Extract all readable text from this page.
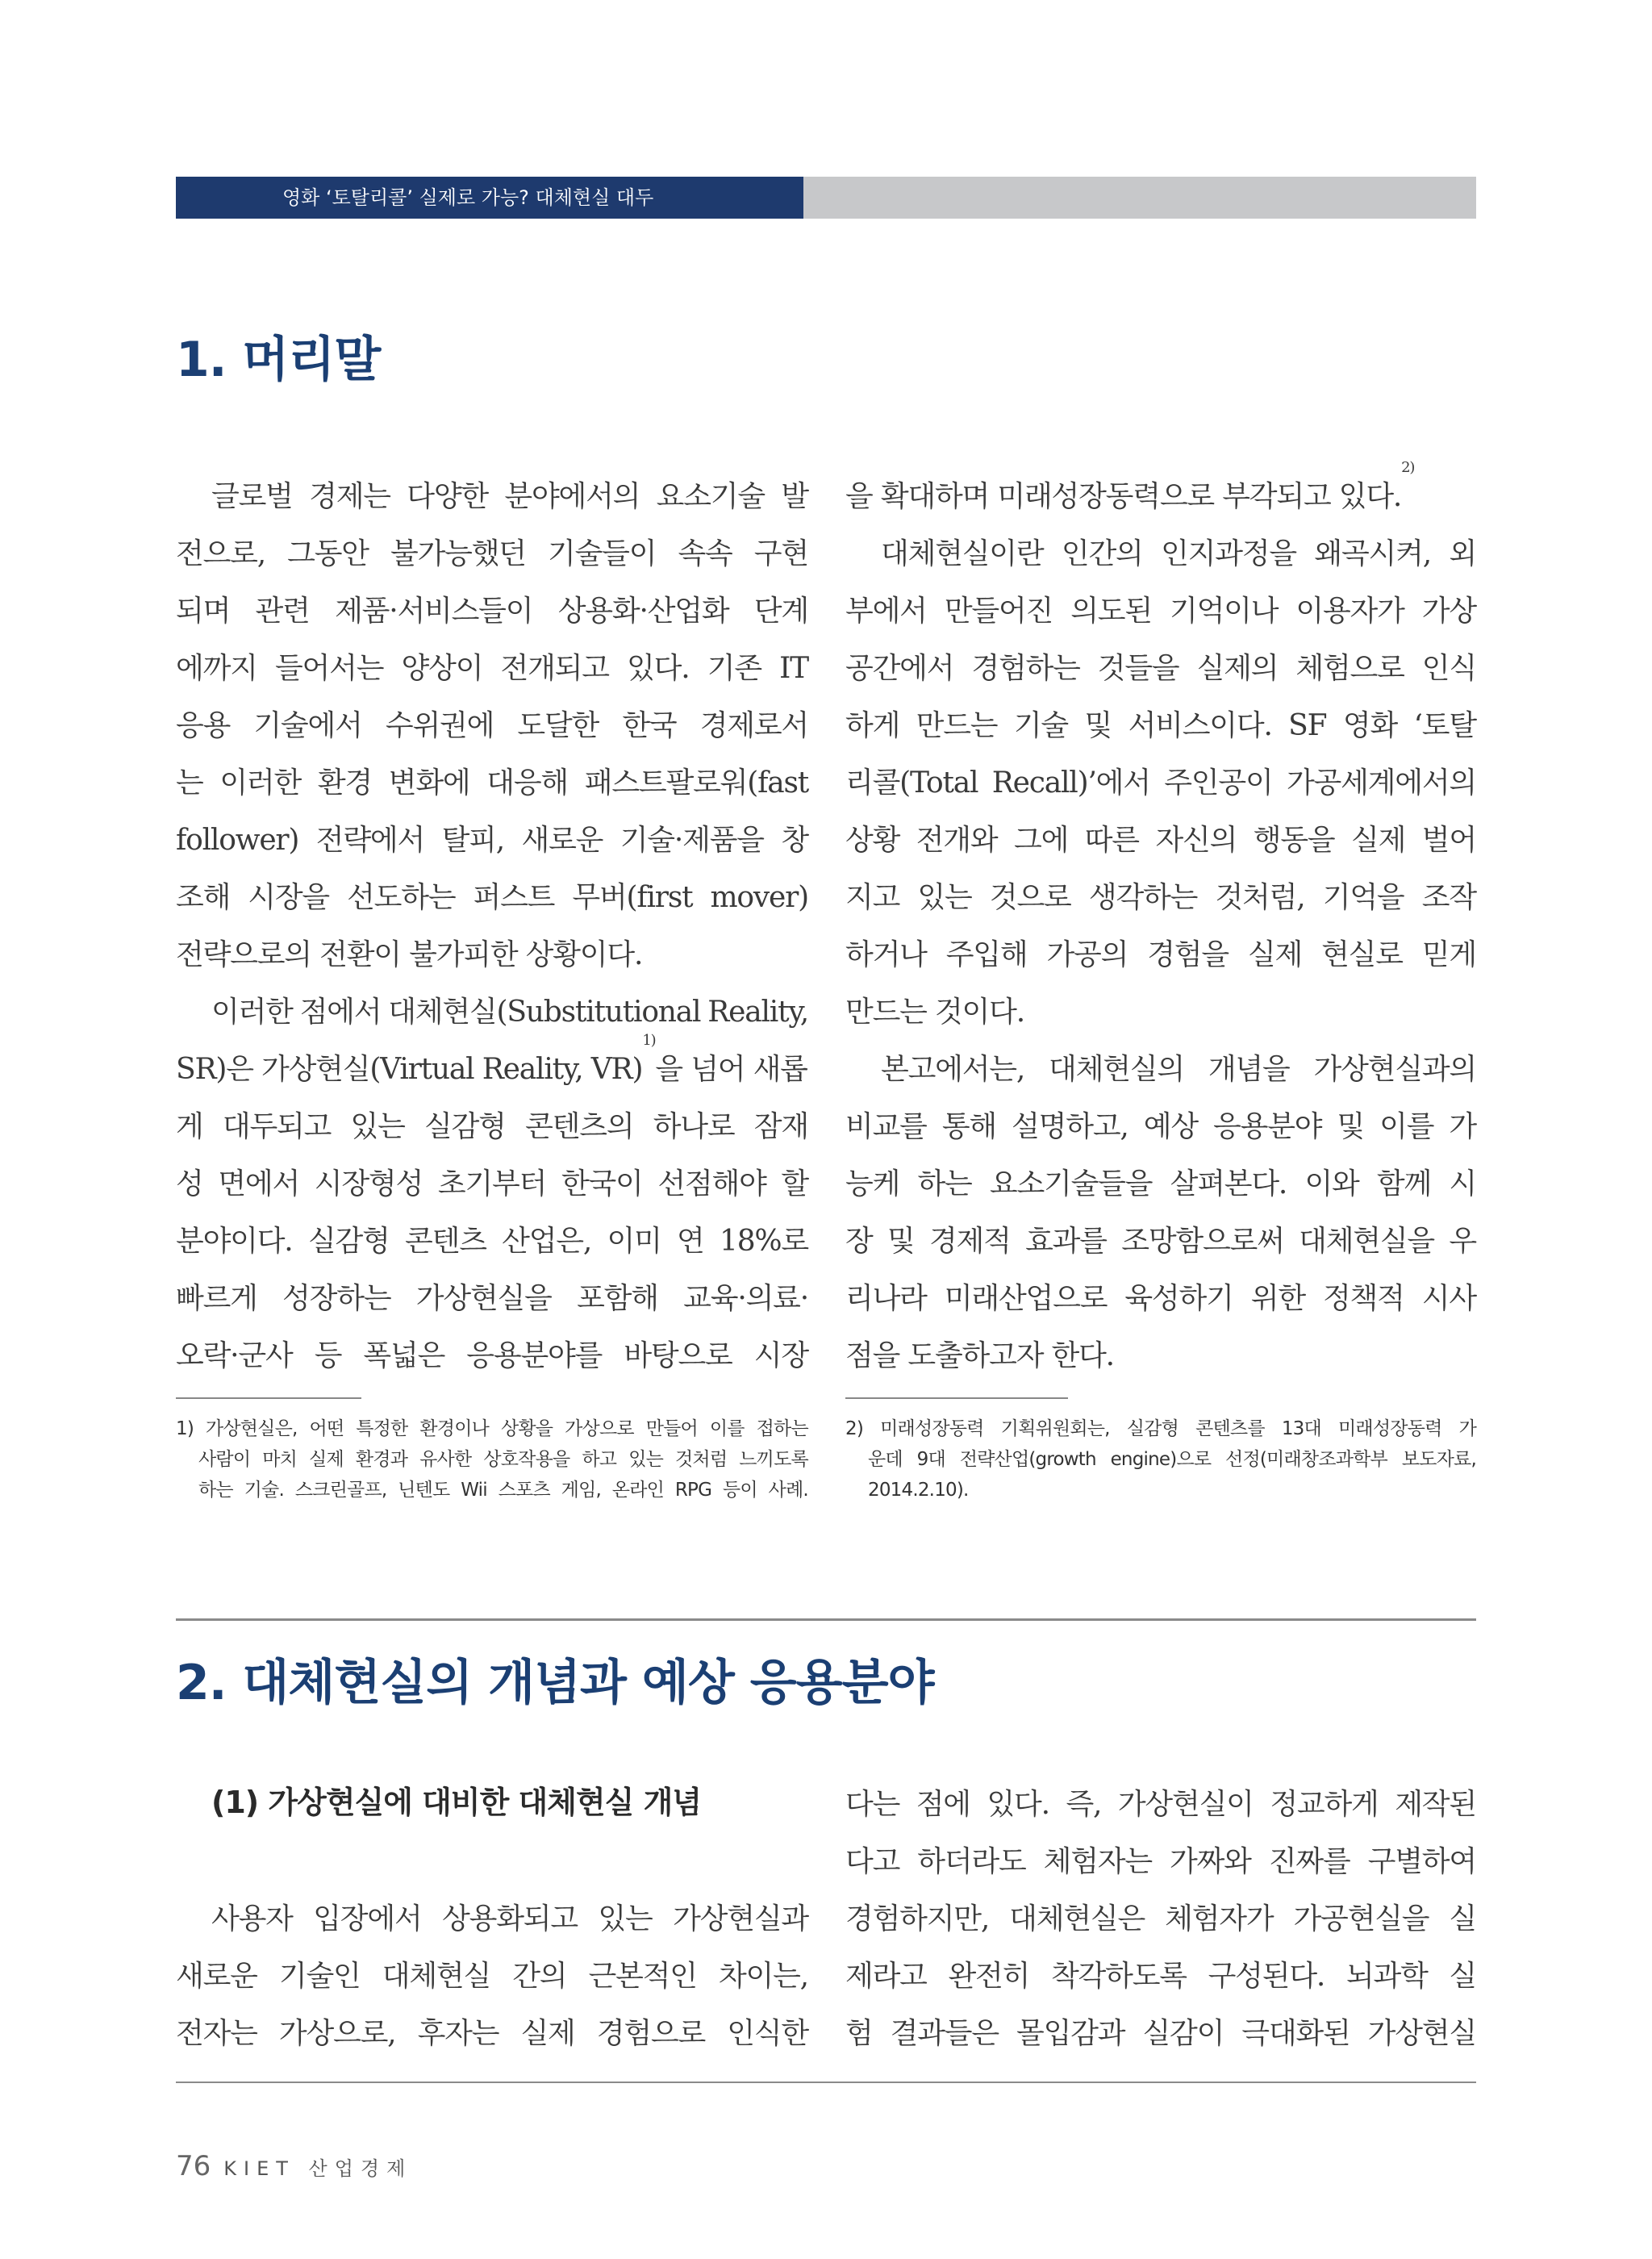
영화 ‘토탈리콜’ 실제로 가능? 대체현실 대두
1. 머리말
글로벌 경제는 다양한 분야에서의 요소기술 발
전으로, 그동안 불가능했던 기술들이 속속 구현
되며 관련 제품·서비스들이 상용화·산업화 단계
에까지 들어서는 양상이 전개되고 있다. 기존 IT
응용 기술에서 수위권에 도달한 한국 경제로서
는 이러한 환경 변화에 대응해 패스트팔로워(fast
follower) 전략에서 탈피, 새로운 기술·제품을 창
조해 시장을 선도하는 퍼스트 무버(first mover)
전략으로의 전환이 불가피한 상황이다.
이러한 점에서 대체현실(Substitutional Reality,
SR)은 가상현실(Virtual Reality, VR)
1)
을 넘어 새롭
게 대두되고 있는 실감형 콘텐츠의 하나로 잠재
성 면에서 시장형성 초기부터 한국이 선점해야 할
분야이다. 실감형 콘텐츠 산업은, 이미 연 18%로
빠르게 성장하는 가상현실을 포함해 교육·의료·
오락·군사 등 폭넓은 응용분야를 바탕으로 시장
을 확대하며 미래성장동력으로 부각되고 있다.
2)
대체현실이란 인간의 인지과정을 왜곡시켜, 외
부에서 만들어진 의도된 기억이나 이용자가 가상
공간에서 경험하는 것들을 실제의 체험으로 인식
하게 만드는 기술 및 서비스이다. SF 영화 ‘토탈
리콜(Total Recall)’에서 주인공이 가공세계에서의
상황 전개와 그에 따른 자신의 행동을 실제 벌어
지고 있는 것으로 생각하는 것처럼, 기억을 조작
하거나 주입해 가공의 경험을 실제 현실로 믿게
만드는 것이다.
본고에서는, 대체현실의 개념을 가상현실과의
비교를 통해 설명하고, 예상 응용분야 및 이를 가
능케 하는 요소기술들을 살펴본다. 이와 함께 시
장 및 경제적 효과를 조망함으로써 대체현실을 우
리나라 미래산업으로 육성하기 위한 정책적 시사
점을 도출하고자 한다.
1) 가상현실은, 어떤 특정한 환경이나 상황을 가상으로 만들어 이를 접하는
사람이 마치 실제 환경과 유사한 상호작용을 하고 있는 것처럼 느끼도록
하는 기술. 스크린골프, 닌텐도 Wii 스포츠 게임, 온라인 RPG 등이 사례.
2) 미래성장동력 기획위원회는, 실감형 콘텐츠를 13대 미래성장동력 가
운데 9대 전략산업(growth engine)으로 선정(미래창조과학부 보도자료,
2014.2.10).
2. 대체현실의 개념과 예상 응용분야
(1) 가상현실에 대비한 대체현실 개념
사용자 입장에서 상용화되고 있는 가상현실과
새로운 기술인 대체현실 간의 근본적인 차이는,
전자는 가상으로, 후자는 실제 경험으로 인식한
다는 점에 있다. 즉, 가상현실이 정교하게 제작된
다고 하더라도 체험자는 가짜와 진짜를 구별하여
경험하지만, 대체현실은 체험자가 가공현실을 실
제라고 완전히 착각하도록 구성된다. 뇌과학 실
험 결과들은 몰입감과 실감이 극대화된 가상현실
76 KIET 산업경제
